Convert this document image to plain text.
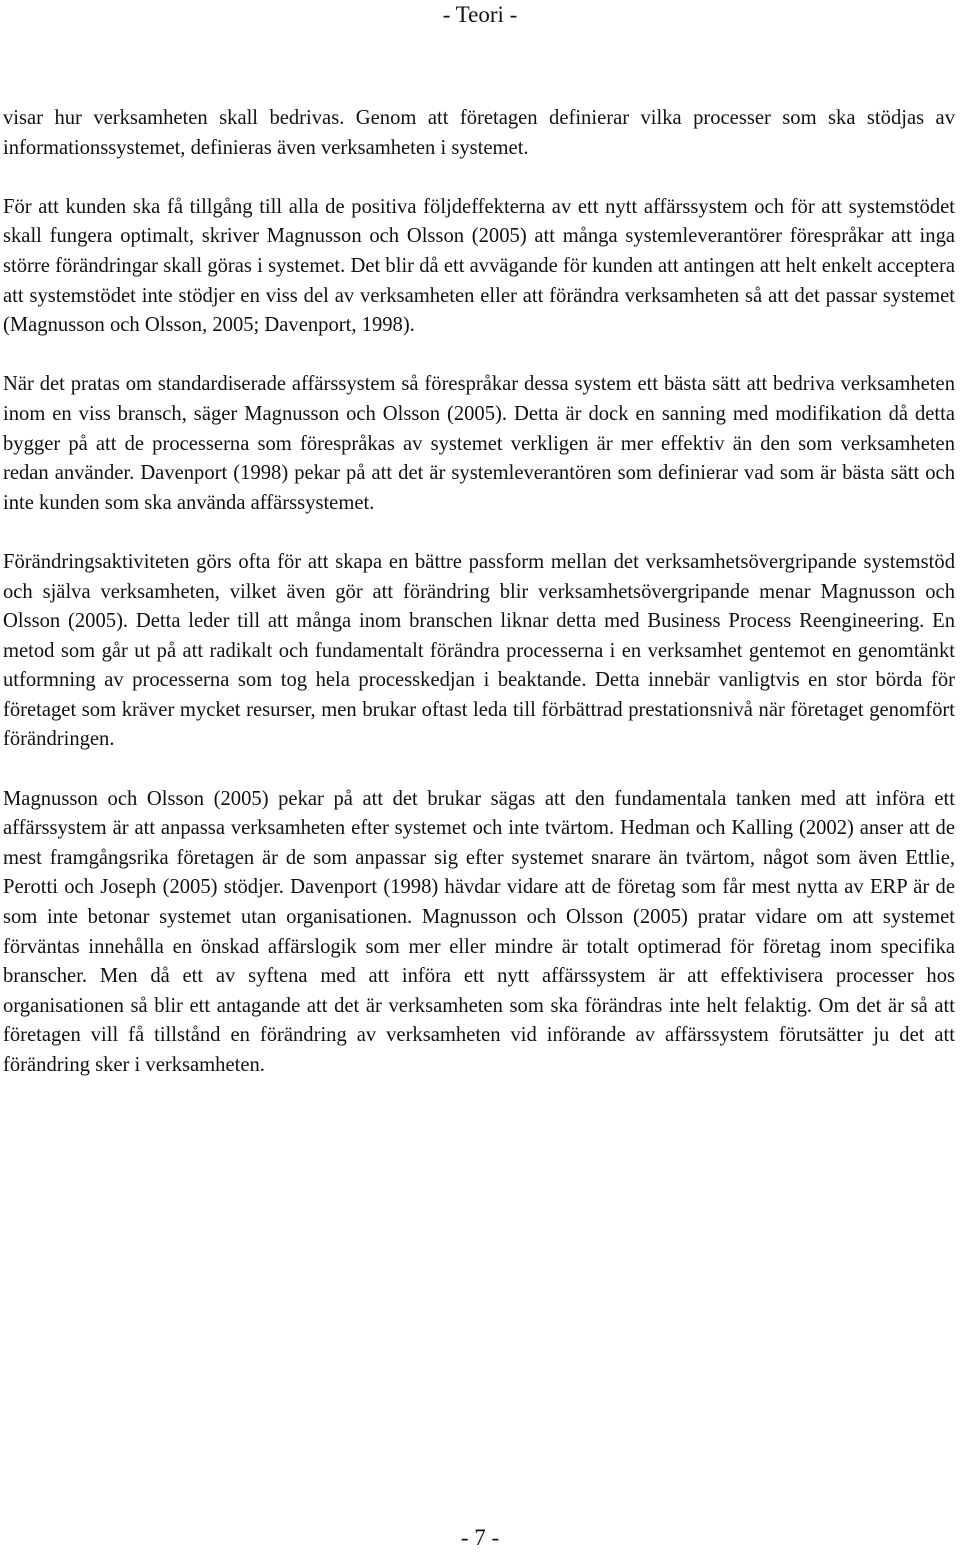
- Teori -

visar hur verksamheten skall bedrivas. Genom att företagen definierar vilka processer som ska stödjas av informationssystemet, definieras även verksamheten i systemet.

För att kunden ska få tillgång till alla de positiva följdeffekterna av ett nytt affärssystem och för att systemstödet skall fungera optimalt, skriver Magnusson och Olsson (2005) att många systemleverantörer förespråkar att inga större förändringar skall göras i systemet. Det blir då ett avvägande för kunden att antingen att helt enkelt acceptera att systemstödet inte stödjer en viss del av verksamheten eller att förändra verksamheten så att det passar systemet (Magnusson och Olsson, 2005; Davenport, 1998).

När det pratas om standardiserade affärssystem så förespråkar dessa system ett bästa sätt att bedriva verksamheten inom en viss bransch, säger Magnusson och Olsson (2005). Detta är dock en sanning med modifikation då detta bygger på att de processerna som förespråkas av systemet verkligen är mer effektiv än den som verksamheten redan använder. Davenport (1998) pekar på att det är systemleverantören som definierar vad som är bästa sätt och inte kunden som ska använda affärssystemet.

Förändringsaktiviteten görs ofta för att skapa en bättre passform mellan det verksamhetsövergripande systemstöd och själva verksamheten, vilket även gör att förändring blir verksamhetsövergripande menar Magnusson och Olsson (2005). Detta leder till att många inom branschen liknar detta med Business Process Reengineering. En metod som går ut på att radikalt och fundamentalt förändra processerna i en verksamhet gentemot en genomtänkt utformning av processerna som tog hela processkedjan i beaktande. Detta innebär vanligtvis en stor börda för företaget som kräver mycket resurser, men brukar oftast leda till förbättrad prestationsnivå när företaget genomfört förändringen.

Magnusson och Olsson (2005) pekar på att det brukar sägas att den fundamentala tanken med att införa ett affärssystem är att anpassa verksamheten efter systemet och inte tvärtom. Hedman och Kalling (2002) anser att de mest framgångsrika företagen är de som anpassar sig efter systemet snarare än tvärtom, något som även Ettlie, Perotti och Joseph (2005) stödjer. Davenport (1998) hävdar vidare att de företag som får mest nytta av ERP är de som inte betonar systemet utan organisationen. Magnusson och Olsson (2005) pratar vidare om att systemet förväntas innehålla en önskad affärslogik som mer eller mindre är totalt optimerad för företag inom specifika branscher. Men då ett av syftena med att införa ett nytt affärssystem är att effektivisera processer hos organisationen så blir ett antagande att det är verksamheten som ska förändras inte helt felaktig. Om det är så att företagen vill få tillstånd en förändring av verksamheten vid införande av affärssystem förutsätter ju det att förändring sker i verksamheten.

- 7 -
